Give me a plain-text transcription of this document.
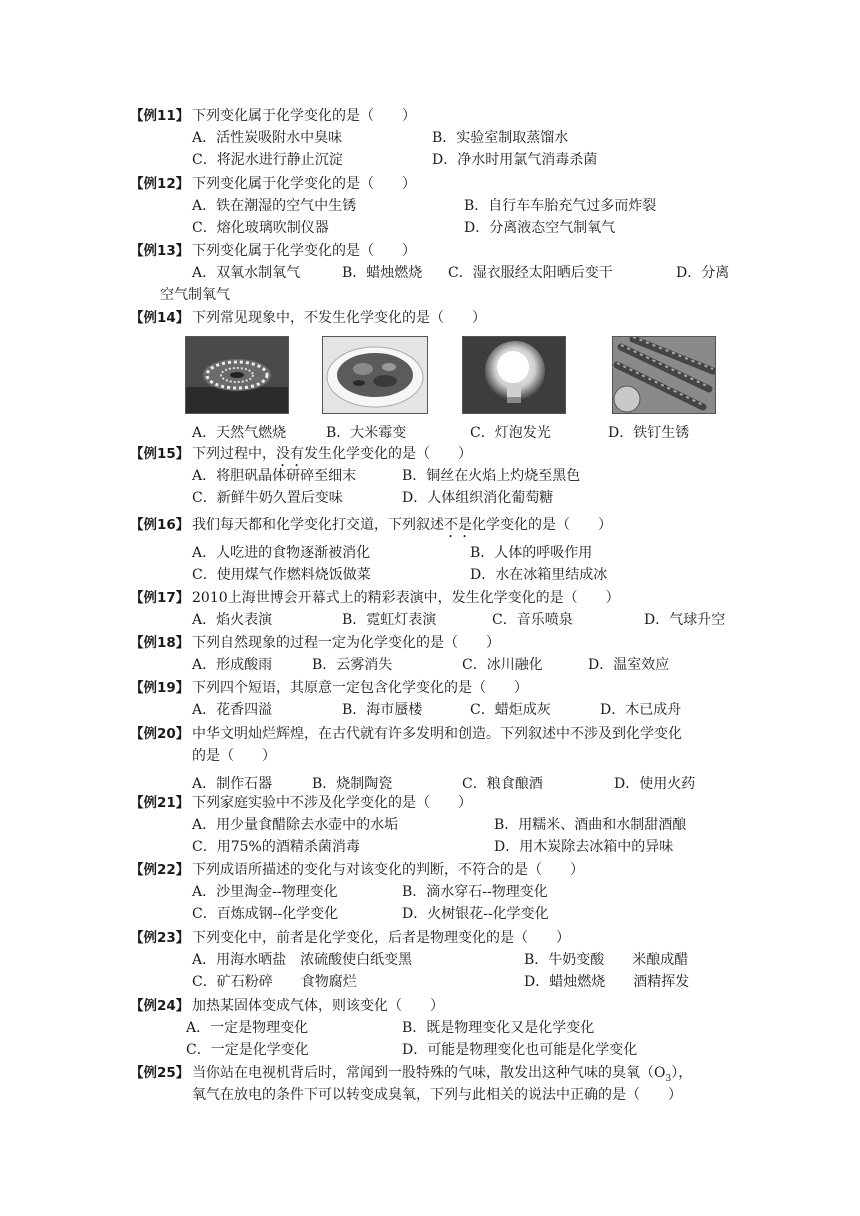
【例11】 下列变化属于化学变化的是（　　）
A．活性炭吸附水中臭味	B．实验室制取蒸馏水
C．将泥水进行静止沉淀	D．净水时用氯气消毒杀菌
【例12】 下列变化属于化学变化的是（　　）
A．铁在潮湿的空气中生锈	B．自行车车胎充气过多而炸裂
C．熔化玻璃吹制仪器	D．分离液态空气制氧气
【例13】 下列变化属于化学变化的是（　　）
A．双氧水制氧气	B．蜡烛燃烧 C．湿衣服经太阳晒后变干	D．分离
空气制氧气
【例14】 下列常见现象中，不发生化学变化的是（　　）
A．天然气燃烧	B．大米霉变	C．灯泡发光	D．铁钉生锈
【例15】 下列过程中，没有发生化学变化的是（　　）
A．将胆矾晶体研碎至细末	B．铜丝在火焰上灼烧至黑色
C．新鲜牛奶久置后变味	D．人体组织消化葡萄糖
【例16】 我们每天都和化学变化打交道，下列叙述不是化学变化的是（　　）
A．人吃进的食物逐渐被消化	B．人体的呼吸作用
C．使用煤气作燃料烧饭做菜	D．水在冰箱里结成冰
【例17】 2010上海世博会开幕式上的精彩表演中，发生化学变化的是（　　）
A．焰火表演	B．霓虹灯表演	C．音乐喷泉	D．气球升空
【例18】 下列自然现象的过程一定为化学变化的是（　　）
A．形成酸雨	B．云雾消失	C．冰川融化	D．温室效应
【例19】 下列四个短语，其原意一定包含化学变化的是（　　）
A．花香四溢	B．海市蜃楼	C．蜡炬成灰	D．木已成舟
【例20】 中华文明灿烂辉煌，在古代就有许多发明和创造。下列叙述中不涉及到化学变化
的是（　　）
A．制作石器	B．烧制陶瓷	C．粮食酿酒	D．使用火药
【例21】 下列家庭实验中不涉及化学变化的是（　　）
A．用少量食醋除去水壶中的水垢	B．用糯米、酒曲和水制甜酒酿
C．用75%的酒精杀菌消毒	D．用木炭除去冰箱中的异味
【例22】 下列成语所描述的变化与对该变化的判断，不符合的是（　　）
A．沙里淘金--物理变化	B．滴水穿石--物理变化
C．百炼成钢--化学变化	D．火树银花--化学变化
【例23】 下列变化中，前者是化学变化，后者是物理变化的是（　　）
A．用海水晒盐　浓硫酸使白纸变黑	B．牛奶变酸　　米酿成醋
C．矿石粉碎　　食物腐烂	D．蜡烛燃烧　　酒精挥发
【例24】 加热某固体变成气体，则该变化（　　）
A．一定是物理变化	B．既是物理变化又是化学变化
C．一定是化学变化	D．可能是物理变化也可能是化学变化
【例25】 当你站在电视机背后时，常闻到一股特殊的气味，散发出这种气味的臭氧$(O_3)$，
氧气在放电的条件下可以转变成臭氧，下列与此相关的说法中正确的是（　　）
